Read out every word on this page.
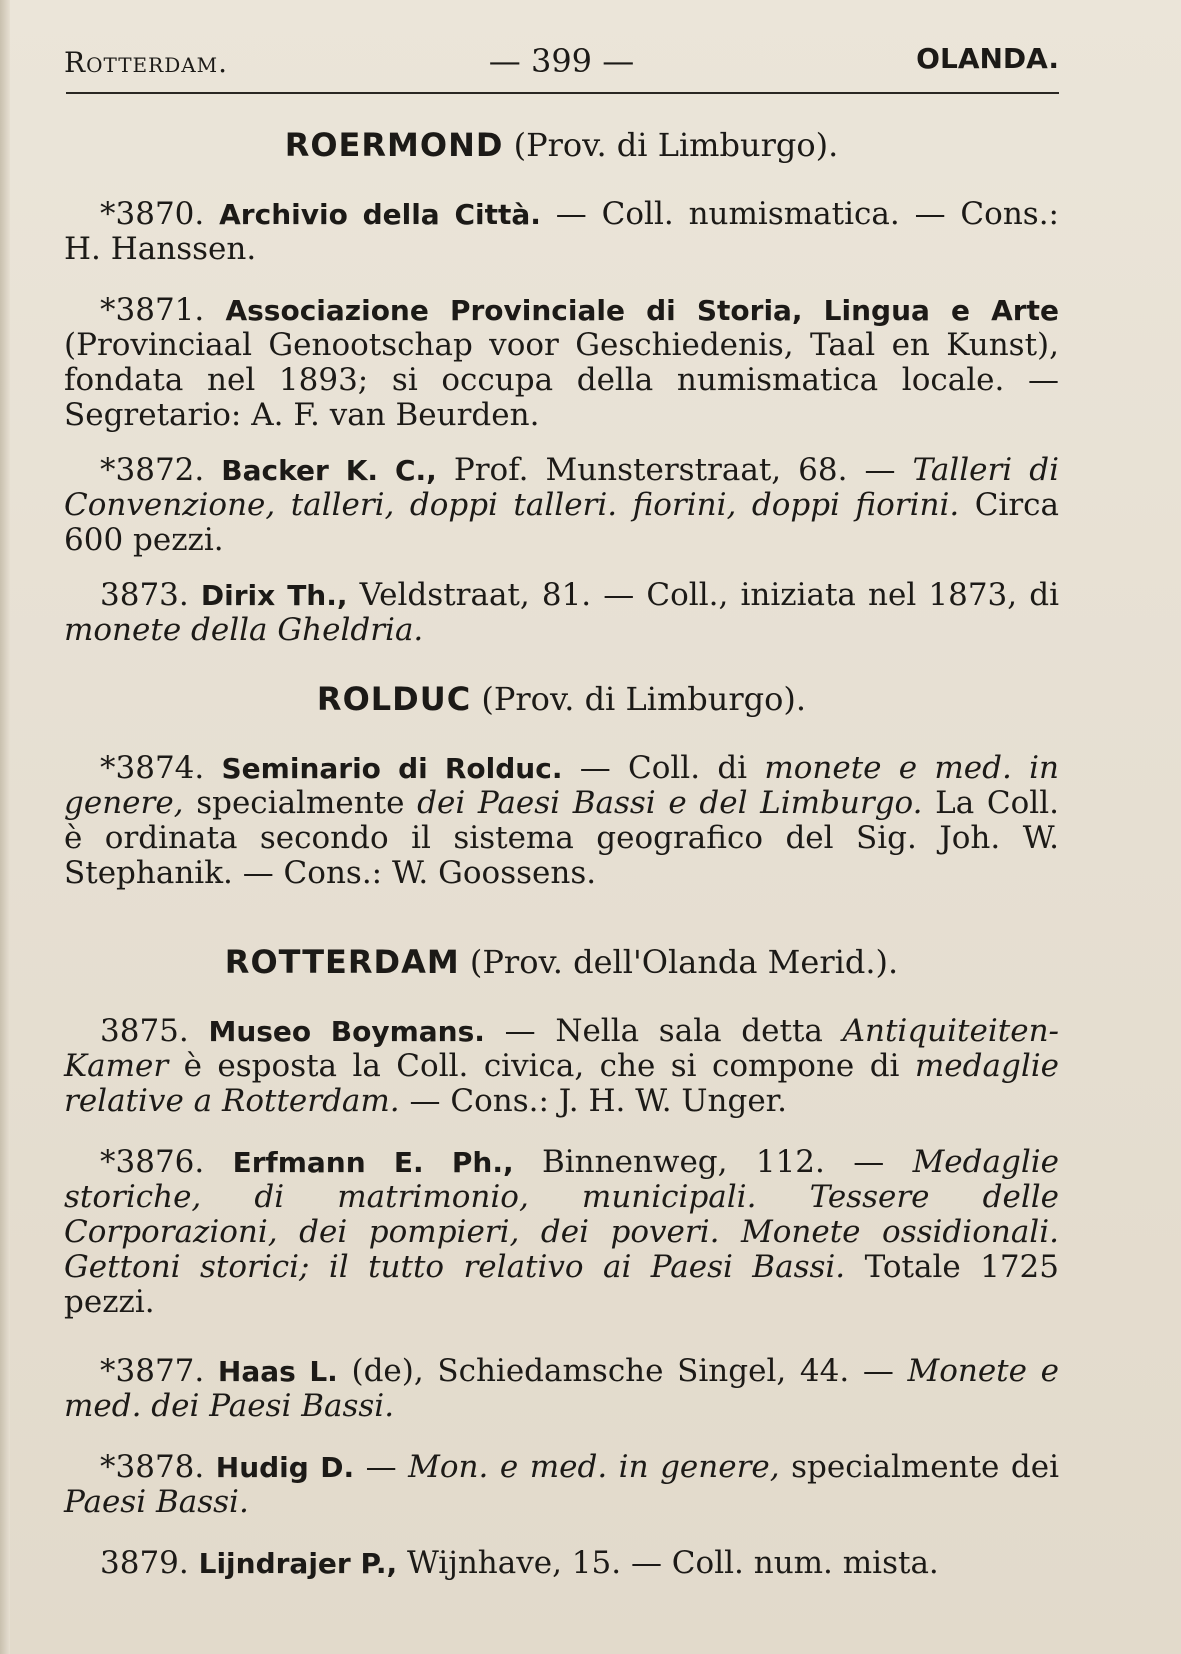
Rotterdam.	— 399 —	OLANDA.

ROERMOND (Prov. di Limburgo).

*3870. Archivio della Città. — Coll. numismatica. — Cons.: H. Hanssen.

*3871. Associazione Provinciale di Storia, Lingua e Arte (Provinciaal Genootschap voor Geschiedenis, Taal en Kunst), fondata nel 1893; si occupa della numismatica locale. — Segretario: A. F. van Beurden.

*3872. Backer K. C., Prof. Munsterstraat, 68. — Talleri di Convenzione, talleri, doppi talleri. fiorini, doppi fiorini. Circa 600 pezzi.

3873. Dirix Th., Veldstraat, 81. — Coll., iniziata nel 1873, di monete della Gheldria.

ROLDUC (Prov. di Limburgo).

*3874. Seminario di Rolduc. — Coll. di monete e med. in genere, specialmente dei Paesi Bassi e del Limburgo. La Coll. è ordinata secondo il sistema geografico del Sig. Joh. W. Stephanik. — Cons.: W. Goossens.

ROTTERDAM (Prov. dell'Olanda Merid.).

3875. Museo Boymans. — Nella sala detta Antiquiteiten-Kamer è esposta la Coll. civica, che si compone di medaglie relative a Rotterdam. — Cons.: J. H. W. Unger.

*3876. Erfmann E. Ph., Binnenweg, 112. — Medaglie storiche, di matrimonio, municipali. Tessere delle Corporazioni, dei pompieri, dei poveri. Monete ossidionali. Gettoni storici; il tutto relativo ai Paesi Bassi. Totale 1725 pezzi.

*3877. Haas L. (de), Schiedamsche Singel, 44. — Monete e med. dei Paesi Bassi.

*3878. Hudig D. — Mon. e med. in genere, specialmente dei Paesi Bassi.

3879. Lijndrajer P., Wijnhave, 15. — Coll. num. mista.
